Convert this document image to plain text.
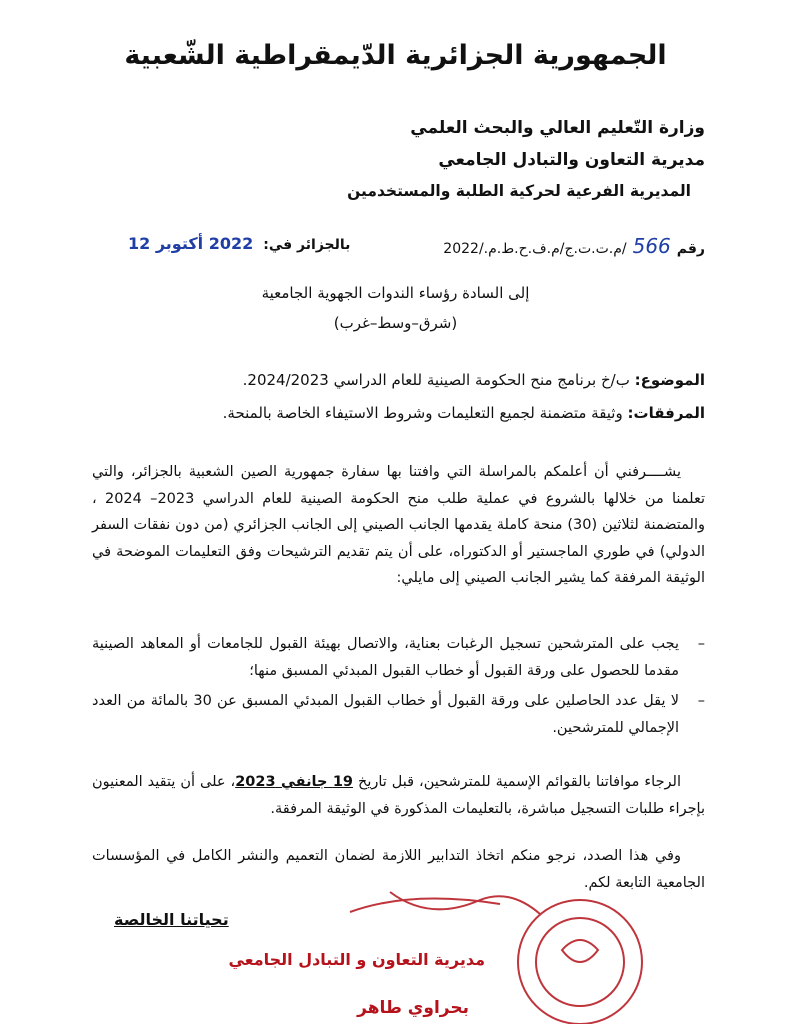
الجمهورية الجزائرية الدّيمقراطية الشّعبية
وزارة التّعليم العالي والبحث العلمي
مديرية التعاون والتبادل الجامعي
المديرية الفرعية لحركية الطلبة والمستخدمين
رقم
566
/م.ت.ت.ج/م.ف.ح.ط.م./2022
بالجزائر في:
2022 أكتوبر 12
إلى السادة رؤساء الندوات الجهوية الجامعية
(شرق–وسط–غرب)
الموضوع: ب/خ برنامج منح الحكومة الصينية للعام الدراسي 2024/2023.
المرفقات: وثيقة متضمنة لجميع التعليمات وشروط الاستيفاء الخاصة بالمنحة.
يشــــرفني أن أعلمكم بالمراسلة التي وافتنا بها سفارة جمهورية الصين الشعبية بالجزائر، والتي تعلمنا من خلالها بالشروع في عملية طلب منح الحكومة الصينية للعام الدراسي 2023– 2024 ، والمتضمنة لثلاثين (30) منحة كاملة يقدمها الجانب الصيني إلى الجانب الجزائري (من دون نفقات السفر الدولي) في طوري الماجستير أو الدكتوراه، على أن يتم تقديم الترشيحات وفق التعليمات الموضحة في الوثيقة المرفقة كما يشير الجانب الصيني إلى مايلي:
–
يجب على المترشحين تسجيل الرغبات بعناية، والاتصال بهيئة القبول للجامعات أو المعاهد الصينية مقدما للحصول على ورقة القبول أو خطاب القبول المبدئي المسبق منها؛
–
لا يقل عدد الحاصلين على ورقة القبول أو خطاب القبول المبدئي المسبق عن 30 بالمائة من العدد الإجمالي للمترشحين.
الرجاء موافاتنا بالقوائم الإسمية للمترشحين، قبل تاريخ 19 جانفي 2023، على أن يتقيد المعنيون بإجراء طلبات التسجيل مباشرة، بالتعليمات المذكورة في الوثيقة المرفقة.
وفي هذا الصدد، نرجو منكم اتخاذ التدابير اللازمة لضمان التعميم والنشر الكامل في المؤسسات الجامعية التابعة لكم.
تحياتنا الخالصة
مديرية التعاون و التبادل الجامعي
بحراوي طاهر
